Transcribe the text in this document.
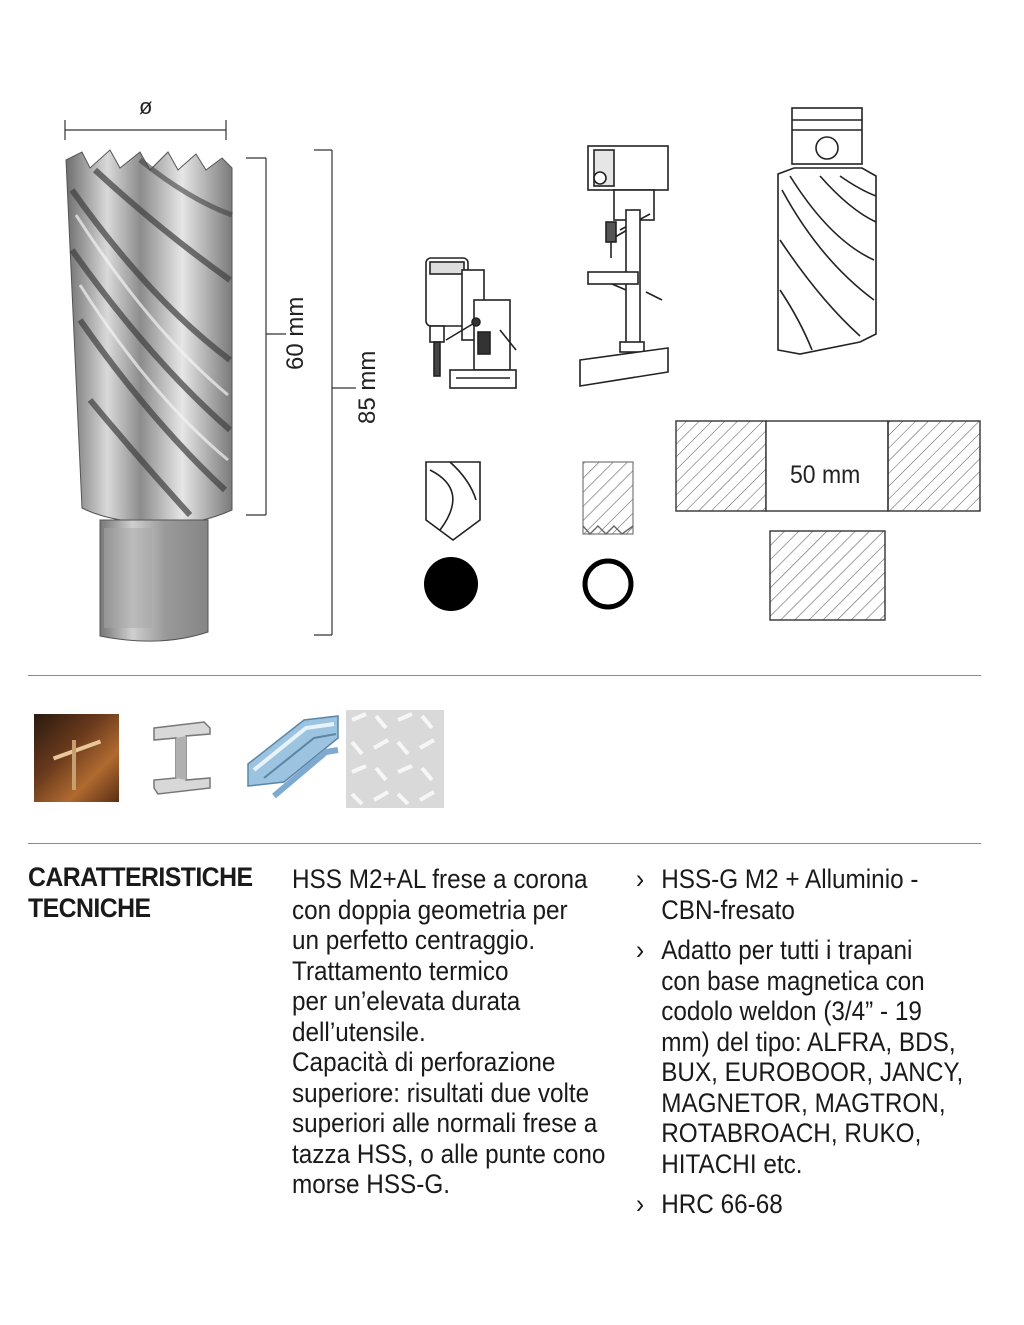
ø
60 mm
85 mm
50 mm
CARATTERISTICHE
TECNICHE
HSS M2+AL frese a corona
con doppia geometria per
un perfetto centraggio.
Trattamento termico
per un’elevata durata
dell’utensile.
Capacità di perforazione
superiore: risultati due volte
superiori alle normali frese a
tazza HSS, o alle punte cono
morse HSS-G.
› HSS-G M2 + Alluminio -
CBN-fresato
› Adatto per tutti i trapani
con base magnetica con
codolo weldon (3/4” - 19
mm) del tipo: ALFRA, BDS,
BUX, EUROBOOR, JANCY,
MAGNETOR, MAGTRON,
ROTABROACH, RUKO,
HITACHI etc.
› HRC 66-68
